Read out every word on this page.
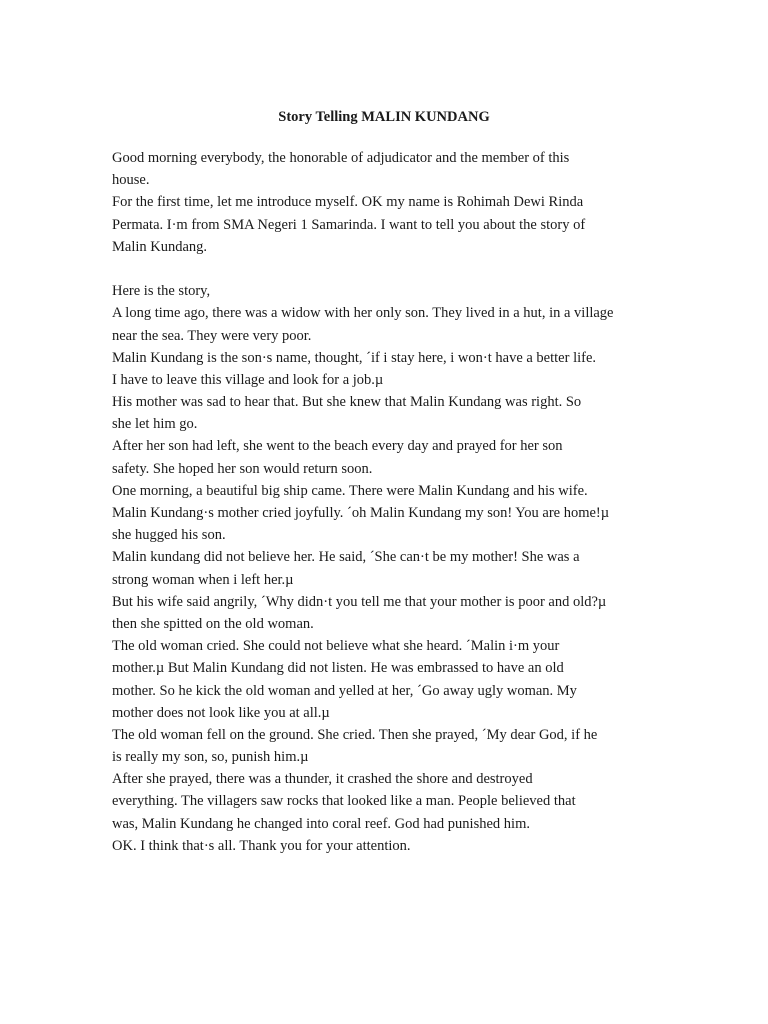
Story Telling MALIN KUNDANG
Good morning everybody, the honorable of adjudicator and the member of this
house.
For the first time, let me introduce myself. OK my name is Rohimah Dewi Rinda
Permata. I·m from SMA Negeri 1 Samarinda. I want to tell you about the story of
Malin Kundang.
Here is the story,
A long time ago, there was a widow with her only son. They lived in a hut, in a village
near the sea. They were very poor.
Malin Kundang is the son·s name, thought, ´if i stay here, i won·t have a better life.
I have to leave this village and look for a job.µ
His mother was sad to hear that. But she knew that Malin Kundang was right. So
she let him go.
After her son had left, she went to the beach every day and prayed for her son
safety. She hoped her son would return soon.
One morning, a beautiful big ship came. There were Malin Kundang and his wife.
Malin Kundang·s mother cried joyfully. ´oh Malin Kundang my son! You are home!µ
she hugged his son.
Malin kundang did not believe her. He said, ´She can·t be my mother! She was a
strong woman when i left her.µ
But his wife said angrily, ´Why didn·t you tell me that your mother is poor and old?µ
then she spitted on the old woman.
The old woman cried. She could not believe what she heard. ´Malin i·m your
mother.µ But Malin Kundang did not listen. He was embrassed to have an old
mother. So he kick the old woman and yelled at her, ´Go away ugly woman. My
mother does not look like you at all.µ
The old woman fell on the ground. She cried. Then she prayed, ´My dear God, if he
is really my son, so, punish him.µ
After she prayed, there was a thunder, it crashed the shore and destroyed
everything. The villagers saw rocks that looked like a man. People believed that
was, Malin Kundang he changed into coral reef. God had punished him.
OK. I think that·s all. Thank you for your attention.
